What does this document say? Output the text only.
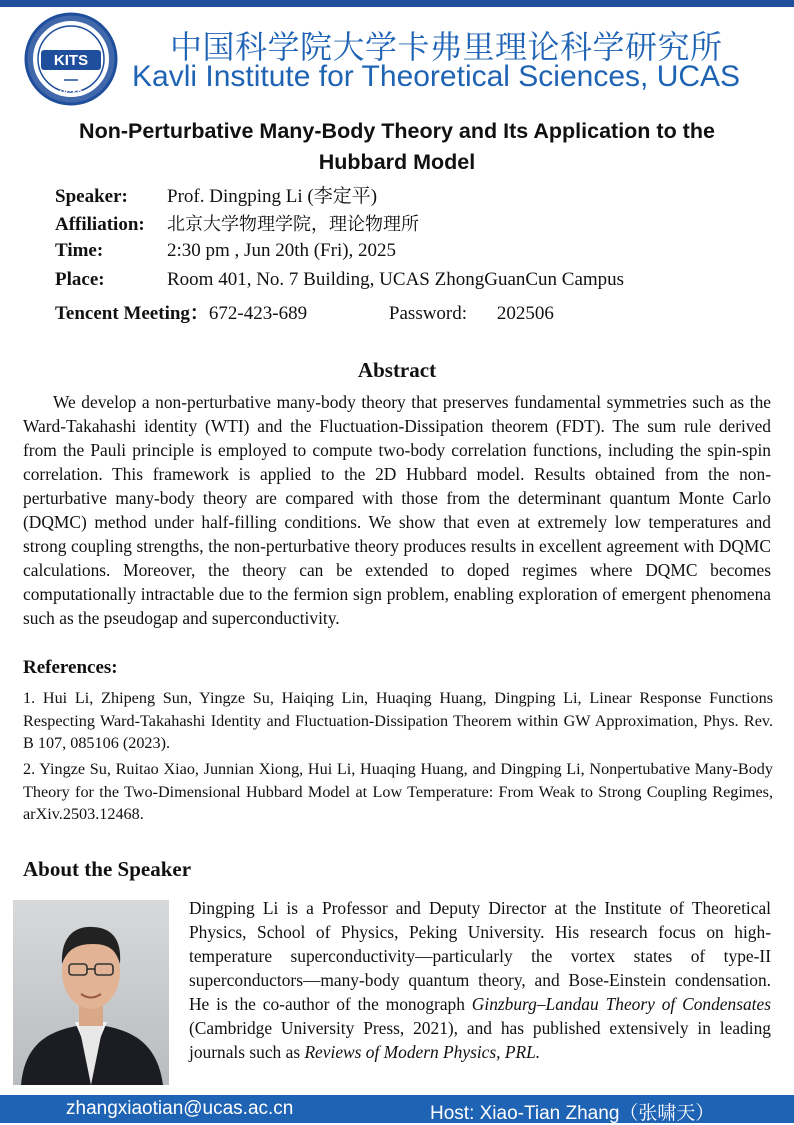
KITS
UCAS
中国科学院大学卡弗里理论科学研究所
Kavli Institute for Theoretical Sciences, UCAS
Non-Perturbative Many-Body Theory and Its Application to the Hubbard Model
Speaker: Prof. Dingping Li (李定平)
Affiliation: 北京大学物理学院，理论物理所
Time:	2:30 pm , Jun 20th (Fri), 2025
Place:	Room 401, No. 7 Building, UCAS ZhongGuanCun Campus
Tencent Meeting：672-423-689	Password: 202506
Abstract
We develop a non-perturbative many-body theory that preserves fundamental symmetries such as the Ward-Takahashi identity (WTI) and the Fluctuation-Dissipation theorem (FDT). The sum rule derived from the Pauli principle is employed to compute two-body correlation functions, including the spin-spin correlation. This framework is applied to the 2D Hubbard model. Results obtained from the non-perturbative many-body theory are compared with those from the determinant quantum Monte Carlo (DQMC) method under half-filling conditions. We show that even at extremely low temperatures and strong coupling strengths, the non-perturbative theory produces results in excellent agreement with DQMC calculations. Moreover, the theory can be extended to doped regimes where DQMC becomes computationally intractable due to the fermion sign problem, enabling exploration of emergent phenomena such as the pseudogap and superconductivity.
References:
1. Hui Li, Zhipeng Sun, Yingze Su, Haiqing Lin, Huaqing Huang, Dingping Li, Linear Response Functions Respecting Ward-Takahashi Identity and Fluctuation-Dissipation Theorem within GW Approximation, Phys. Rev. B 107, 085106 (2023).
2. Yingze Su, Ruitao Xiao, Junnian Xiong, Hui Li, Huaqing Huang, and Dingping Li, Nonpertubative Many-Body Theory for the Two-Dimensional Hubbard Model at Low Temperature: From Weak to Strong Coupling Regimes, arXiv.2503.12468.
About the Speaker
Dingping Li is a Professor and Deputy Director at the Institute of Theoretical Physics, School of Physics, Peking University. His research focus on high-temperature superconductivity—particularly the vortex states of type-II superconductors—many-body quantum theory, and Bose-Einstein condensation. He is the co-author of the monograph Ginzburg–Landau Theory of Condensates (Cambridge University Press, 2021), and has published extensively in leading journals such as Reviews of Modern Physics, PRL.
zhangxiaotian@ucas.ac.cn	Host: Xiao-Tian Zhang（张啸天）
